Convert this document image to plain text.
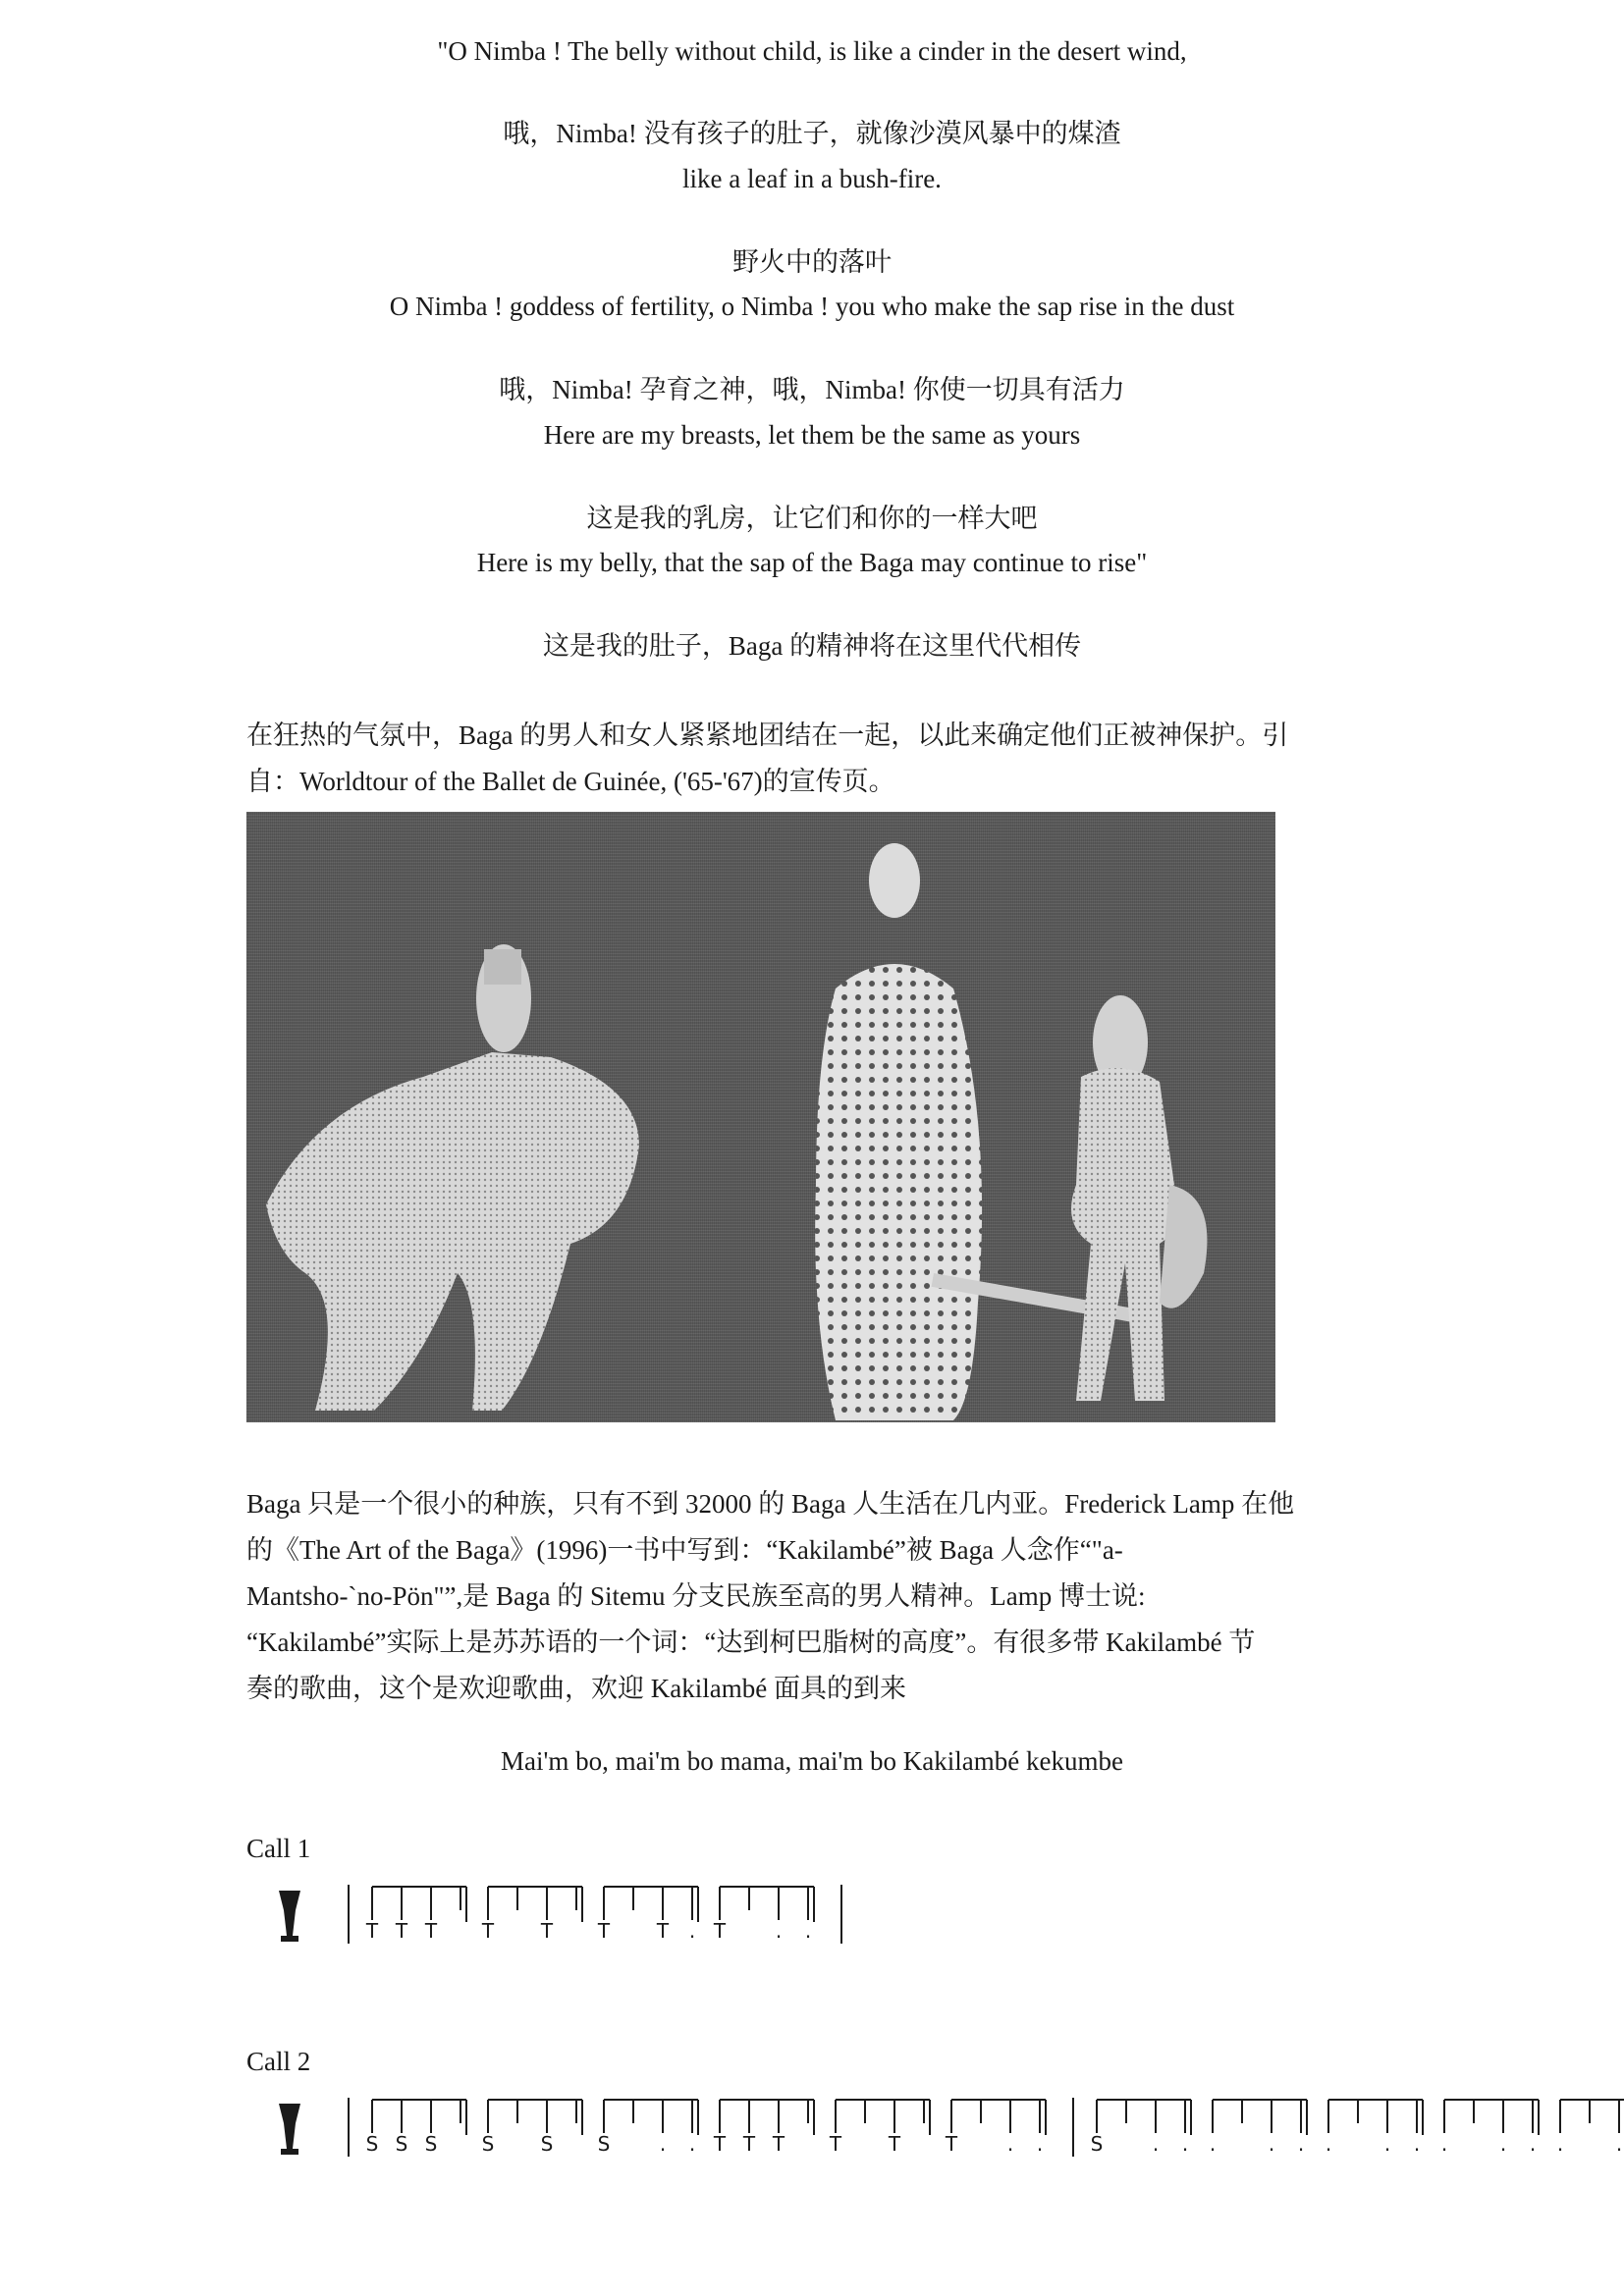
"O Nimba ! The belly without child, is like a cinder in the desert wind,
哦，Nimba! 没有孩子的肚子，就像沙漠风暴中的煤渣
like a leaf in a bush-fire.
野火中的落叶
O Nimba ! goddess of fertility, o Nimba ! you who make the sap rise in the dust
哦，Nimba! 孕育之神，哦，Nimba! 你使一切具有活力
Here are my breasts, let them be the same as yours
这是我的乳房，让它们和你的一样大吧
Here is my belly, that the sap of the Baga may continue to rise"
这是我的肚子，Baga 的精神将在这里代代相传
在狂热的气氛中，Baga 的男人和女人紧紧地团结在一起，以此来确定他们正被神保护。引
自：Worldtour of the Ballet de Guinée, ('65-'67)的宣传页。
Baga 只是一个很小的种族，只有不到 32000 的 Baga 人生活在几内亚。Frederick Lamp 在他
的《The Art of the Baga》(1996)一书中写到：“Kakilambé”被 Baga 人念作“"a-
Mantsho-`no-Pön"”,是 Baga 的 Sitemu 分支民族至高的男人精神。Lamp 博士说:
“Kakilambé”实际上是苏苏语的一个词：“达到柯巴脂树的高度”。有很多带 Kakilambé 节
奏的歌曲，这个是欢迎歌曲，欢迎 Kakilambé 面具的到来
Mai'm bo, mai'm bo mama, mai'm bo Kakilambé kekumbe
Call 1
T T T T T T T . T	. .
Call 2
S S S S S S	. . T T T T T T	. . S	. . .	. . .	. . .	. . .	.
